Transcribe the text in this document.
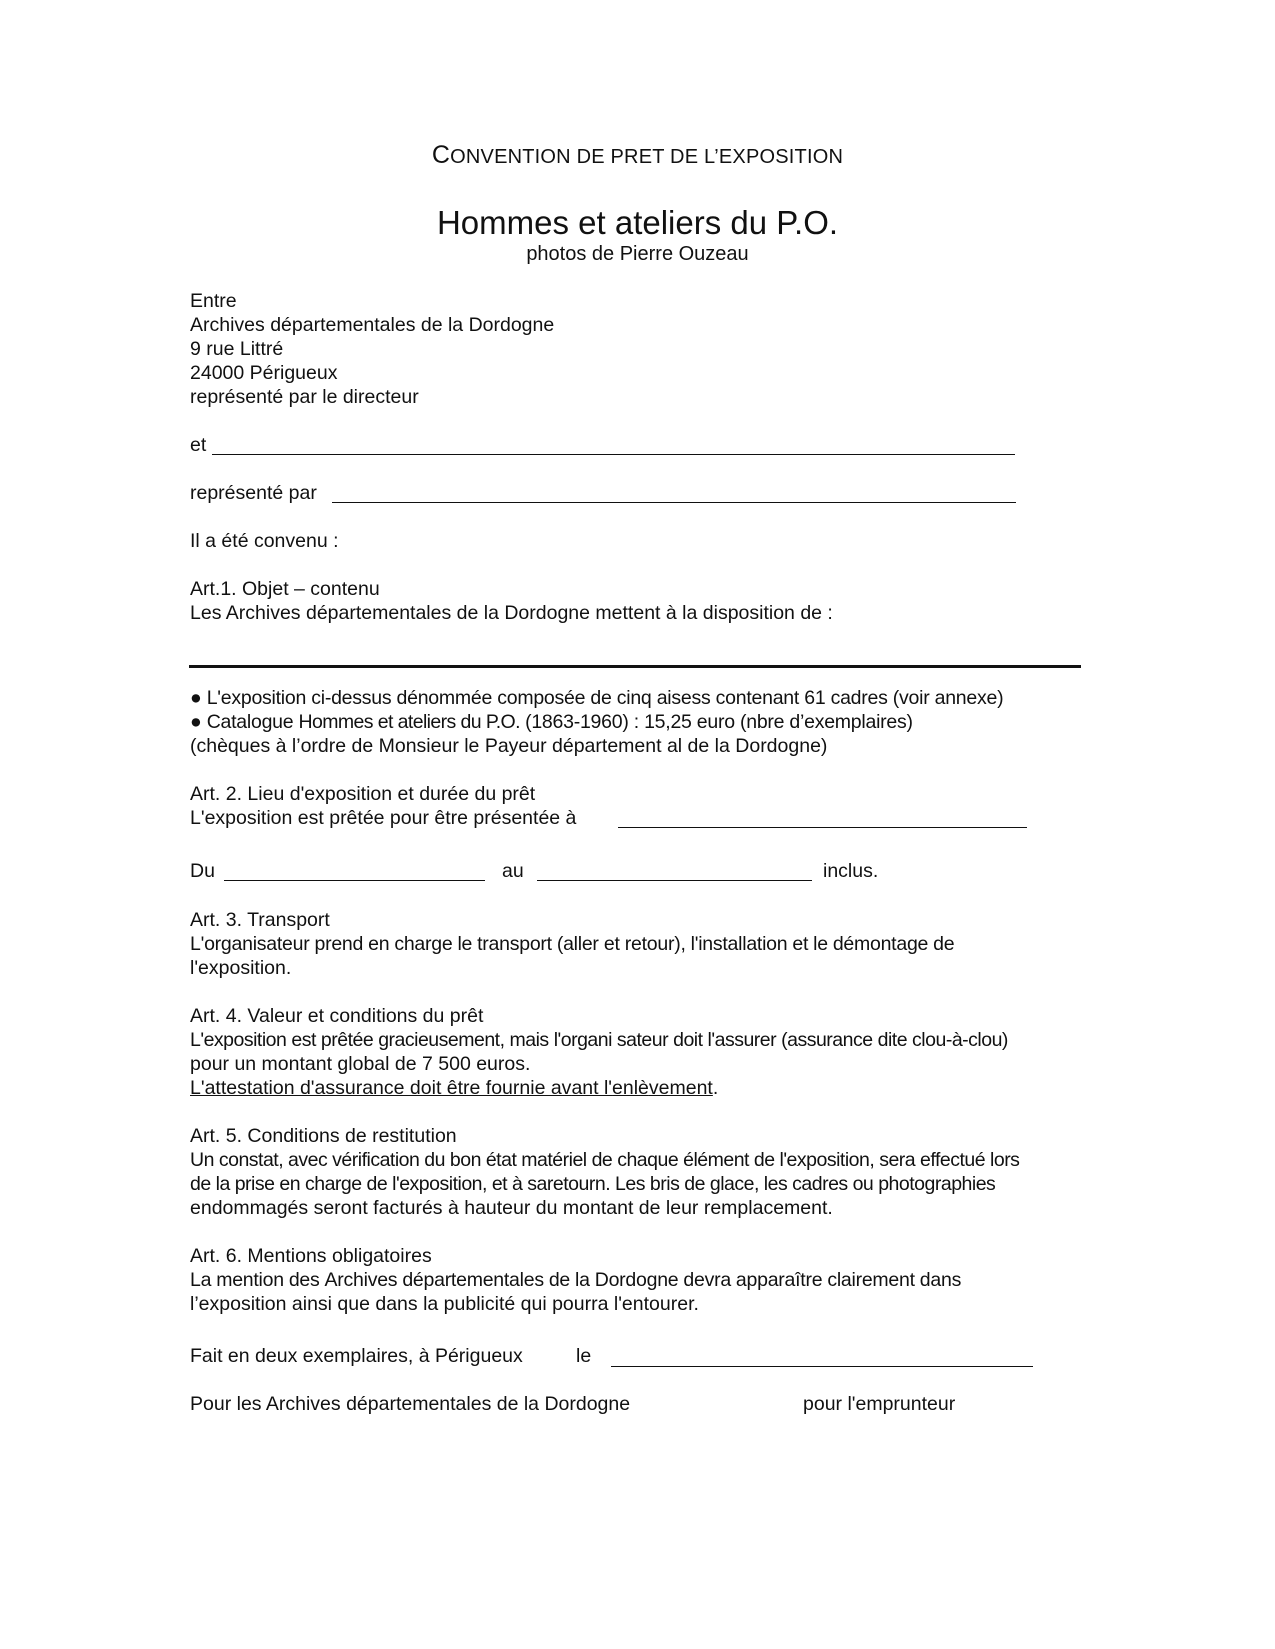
CONVENTION DE PRET DE L’EXPOSITION
Hommes et ateliers du P.O.
photos de Pierre Ouzeau
Entre
Archives départementales de la Dordogne
9 rue Littré
24000 Périgueux
représenté par le directeur
et
représenté par
Il a été convenu :
Art.1. Objet – contenu
Les Archives départementales de la Dordogne mettent à la disposition de :
● L'exposition ci-dessus dénommée composée de cinq aisess contenant 61 cadres (voir annexe)
● Catalogue Hommes et ateliers du P.O. (1863-1960) : 15,25 euro (nbre d’exemplaires)
(chèques à l’ordre de Monsieur le Payeur département al de la Dordogne)
Art. 2. Lieu d'exposition et durée du prêt
L'exposition est prêtée pour être présentée à
Du	au	inclus.
Art. 3. Transport
L'organisateur prend en charge le transport (aller et retour), l'installation et le démontage de
l'exposition.
Art. 4. Valeur et conditions du prêt
L'exposition est prêtée gracieusement, mais l'organi sateur doit l'assurer (assurance dite clou-à-clou)
pour un montant global de 7 500 euros.
L'attestation d'assurance doit être fournie avant l'enlèvement.
Art. 5. Conditions de restitution
Un constat, avec vérification du bon état matériel de chaque élément de l'exposition, sera effectué lors
de la prise en charge de l'exposition, et à saretourn. Les bris de glace, les cadres ou photographies
endommagés seront facturés à hauteur du montant de leur remplacement.
Art. 6. Mentions obligatoires
La mention des Archives départementales de la Dordogne devra apparaître clairement dans
l’exposition ainsi que dans la publicité qui pourra l'entourer.
Fait en deux exemplaires, à Périgueux	le
Pour les Archives départementales de la Dordogne	pour l'emprunteur
